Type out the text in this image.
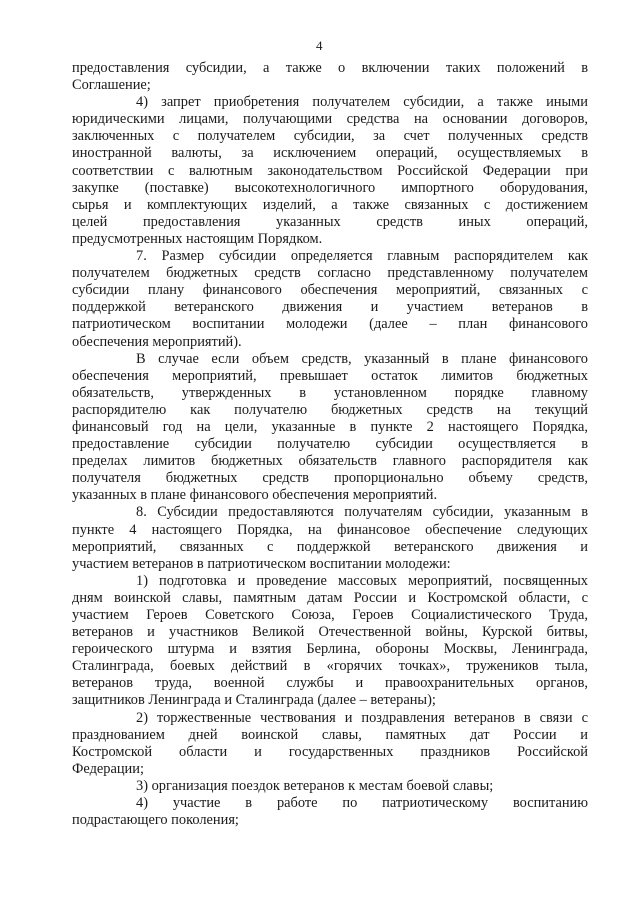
4
предоставления субсидии, а также о включении таких положений в
Соглашение;
4) запрет приобретения получателем субсидии, а также иными
юридическими лицами, получающими средства на основании договоров,
заключенных с получателем субсидии, за счет полученных средств
иностранной валюты, за исключением операций, осуществляемых в
соответствии с валютным законодательством Российской Федерации при
закупке (поставке) высокотехнологичного импортного оборудования,
сырья и комплектующих изделий, а также связанных с достижением
целей предоставления указанных средств иных операций,
предусмотренных настоящим Порядком.
7. Размер субсидии определяется главным распорядителем как
получателем бюджетных средств согласно представленному получателем
субсидии плану финансового обеспечения мероприятий, связанных с
поддержкой ветеранского движения и участием ветеранов в
патриотическом воспитании молодежи (далее – план финансового
обеспечения мероприятий).
В случае если объем средств, указанный в плане финансового
обеспечения мероприятий, превышает остаток лимитов бюджетных
обязательств, утвержденных в установленном порядке главному
распорядителю как получателю бюджетных средств на текущий
финансовый год на цели, указанные в пункте 2 настоящего Порядка,
предоставление субсидии получателю субсидии осуществляется в
пределах лимитов бюджетных обязательств главного распорядителя как
получателя бюджетных средств пропорционально объему средств,
указанных в плане финансового обеспечения мероприятий.
8. Субсидии предоставляются получателям субсидии, указанным в
пункте 4 настоящего Порядка, на финансовое обеспечение следующих
мероприятий, связанных с поддержкой ветеранского движения и
участием ветеранов в патриотическом воспитании молодежи:
1) подготовка и проведение массовых мероприятий, посвященных
дням воинской славы, памятным датам России и Костромской области, с
участием Героев Советского Союза, Героев Социалистического Труда,
ветеранов и участников Великой Отечественной войны, Курской битвы,
героического штурма и взятия Берлина, обороны Москвы, Ленинграда,
Сталинграда, боевых действий в «горячих точках», тружеников тыла,
ветеранов труда, военной службы и правоохранительных органов,
защитников Ленинграда и Сталинграда (далее – ветераны);
2) торжественные чествования и поздравления ветеранов в связи с
празднованием дней воинской славы, памятных дат России и
Костромской области и государственных праздников Российской
Федерации;
3) организация поездок ветеранов к местам боевой славы;
4) участие в работе по патриотическому воспитанию
подрастающего поколения;
